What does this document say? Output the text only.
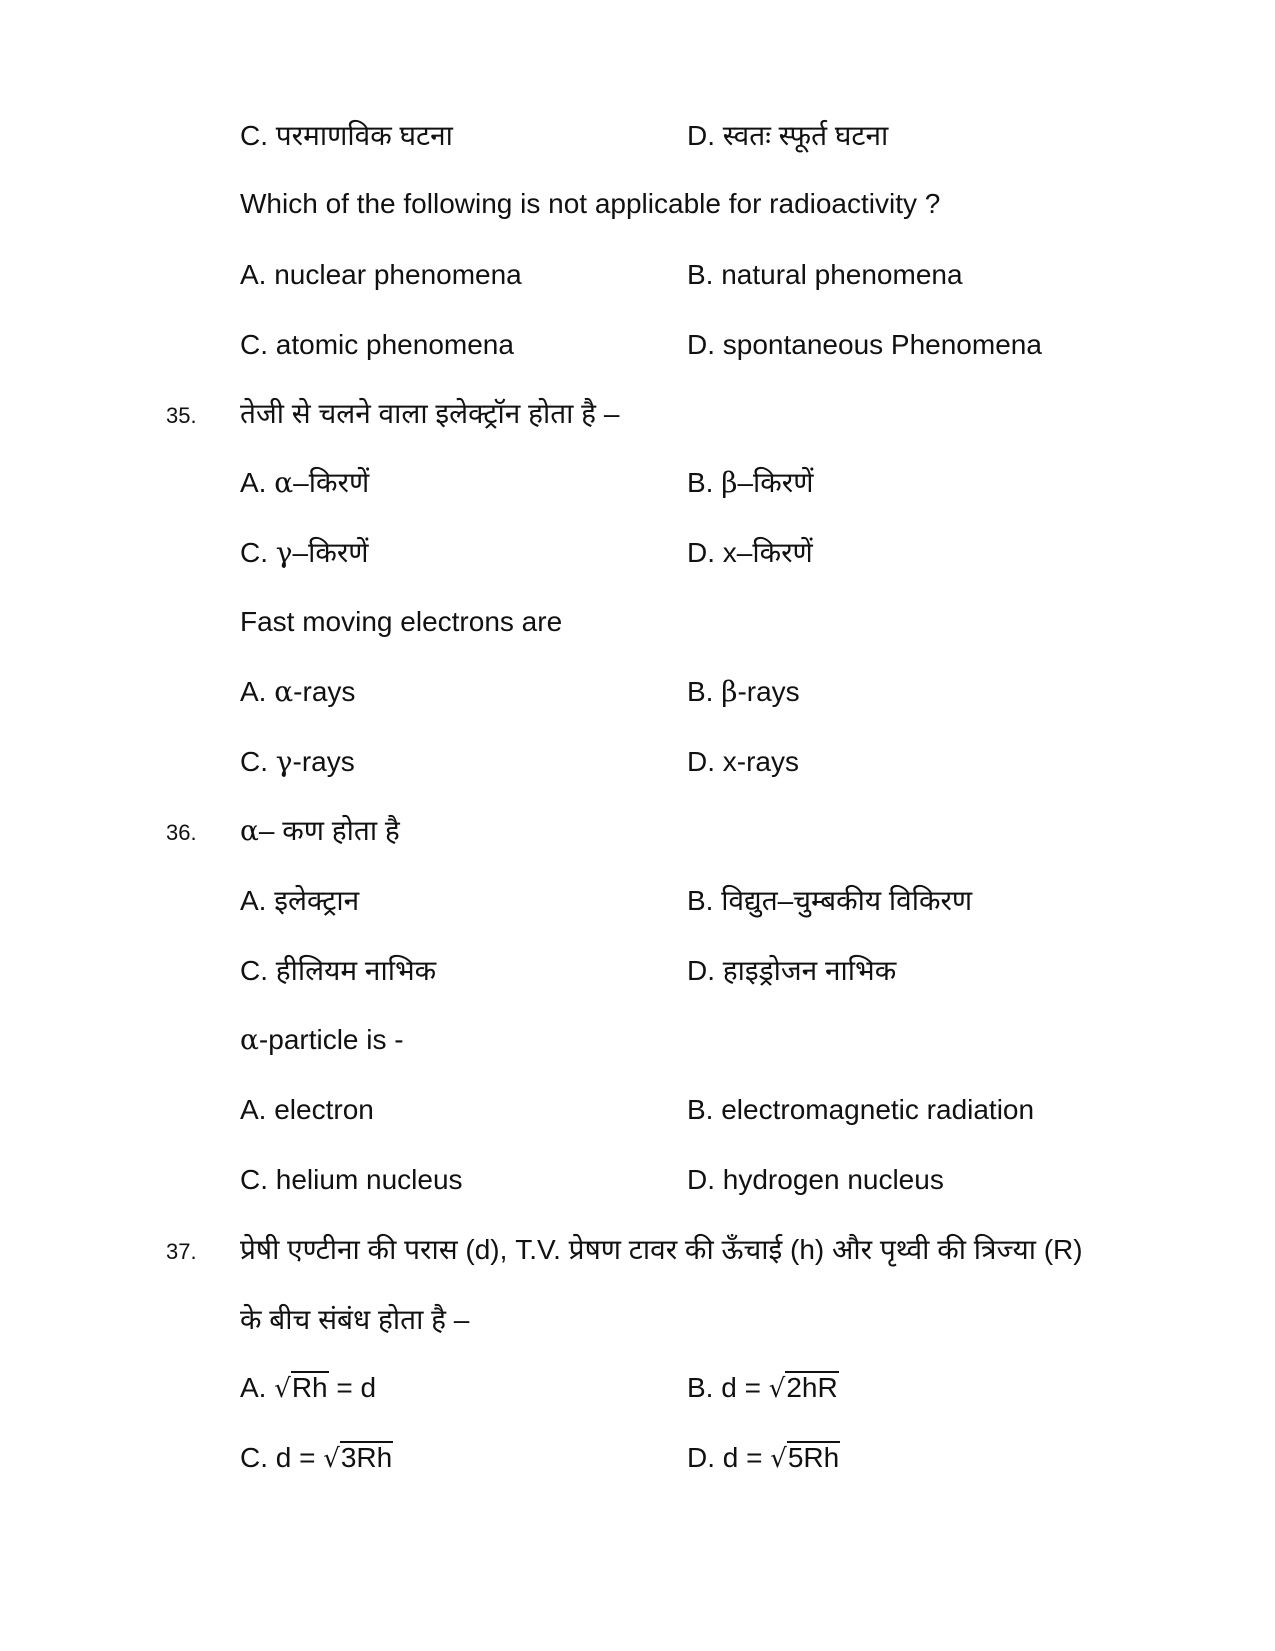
C. परमाणविक घटना	D. स्वतः स्फूर्त घटना
Which of the following is not applicable for radioactivity ?
A. nuclear phenomena	B. natural phenomena
C. atomic phenomena	D. spontaneous Phenomena
35. तेजी से चलने वाला इलेक्ट्रॉन होता है –
A. α–किरणें	B. β–किरणें
C. γ–किरणें	D. x–किरणें
Fast moving electrons are
A. α-rays	B. β-rays
C. γ-rays	D. x-rays
36. α– कण होता है
A. इलेक्ट्रान	B. विद्युत–चुम्बकीय विकिरण
C. हीलियम नाभिक	D. हाइड्रोजन नाभिक
α-particle is -
A. electron	B. electromagnetic radiation
C. helium nucleus	D. hydrogen nucleus
37. प्रेषी एण्टीना की परास (d), T.V. प्रेषण टावर की ऊँचाई (h) और पृथ्वी की त्रिज्या (R)
के बीच संबंध होता है –
A. √Rh = d	B. d = √2hR
C. d = √3Rh	D. d = √5Rh
